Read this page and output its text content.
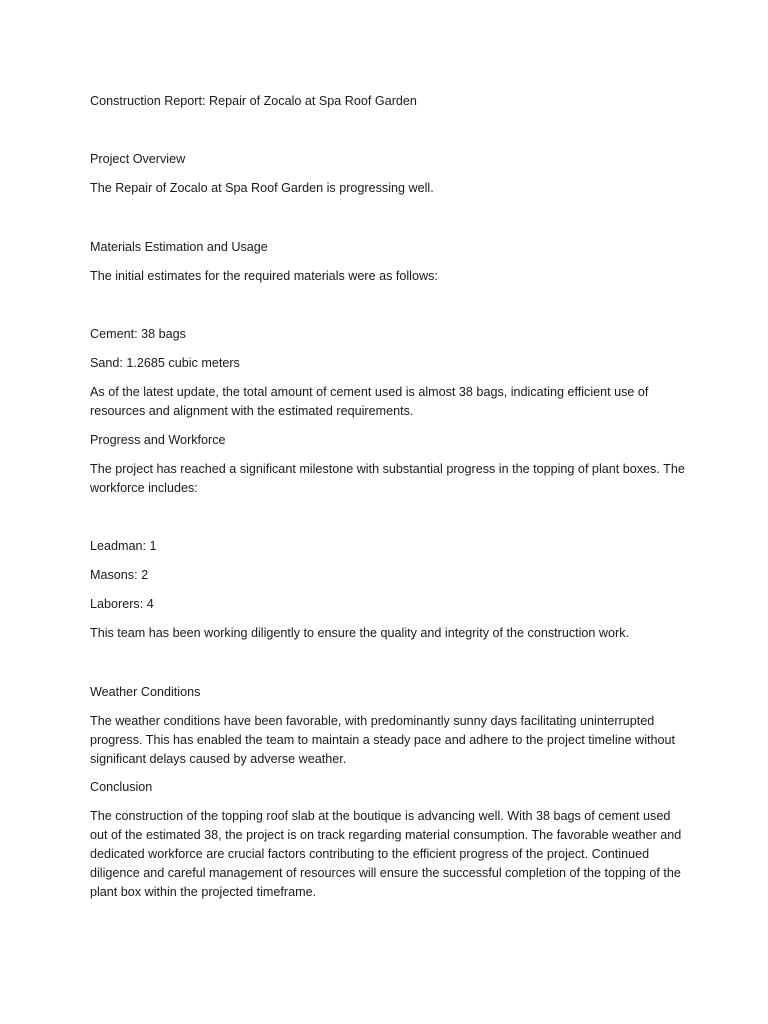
Construction Report: Repair of Zocalo at Spa Roof Garden
Project Overview
The Repair of Zocalo at Spa Roof Garden is progressing well.
Materials Estimation and Usage
The initial estimates for the required materials were as follows:
Cement: 38 bags
Sand: 1.2685 cubic meters
As of the latest update, the total amount of cement used is almost 38 bags, indicating efficient use of resources and alignment with the estimated requirements.
Progress and Workforce
The project has reached a significant milestone with substantial progress in the topping of plant boxes. The workforce includes:
Leadman: 1
Masons: 2
Laborers: 4
This team has been working diligently to ensure the quality and integrity of the construction work.
Weather Conditions
The weather conditions have been favorable, with predominantly sunny days facilitating uninterrupted progress. This has enabled the team to maintain a steady pace and adhere to the project timeline without significant delays caused by adverse weather.
Conclusion
The construction of the topping roof slab at the boutique is advancing well. With 38 bags of cement used out of the estimated 38, the project is on track regarding material consumption. The favorable weather and dedicated workforce are crucial factors contributing to the efficient progress of the project. Continued diligence and careful management of resources will ensure the successful completion of the topping of the plant box within the projected timeframe.
